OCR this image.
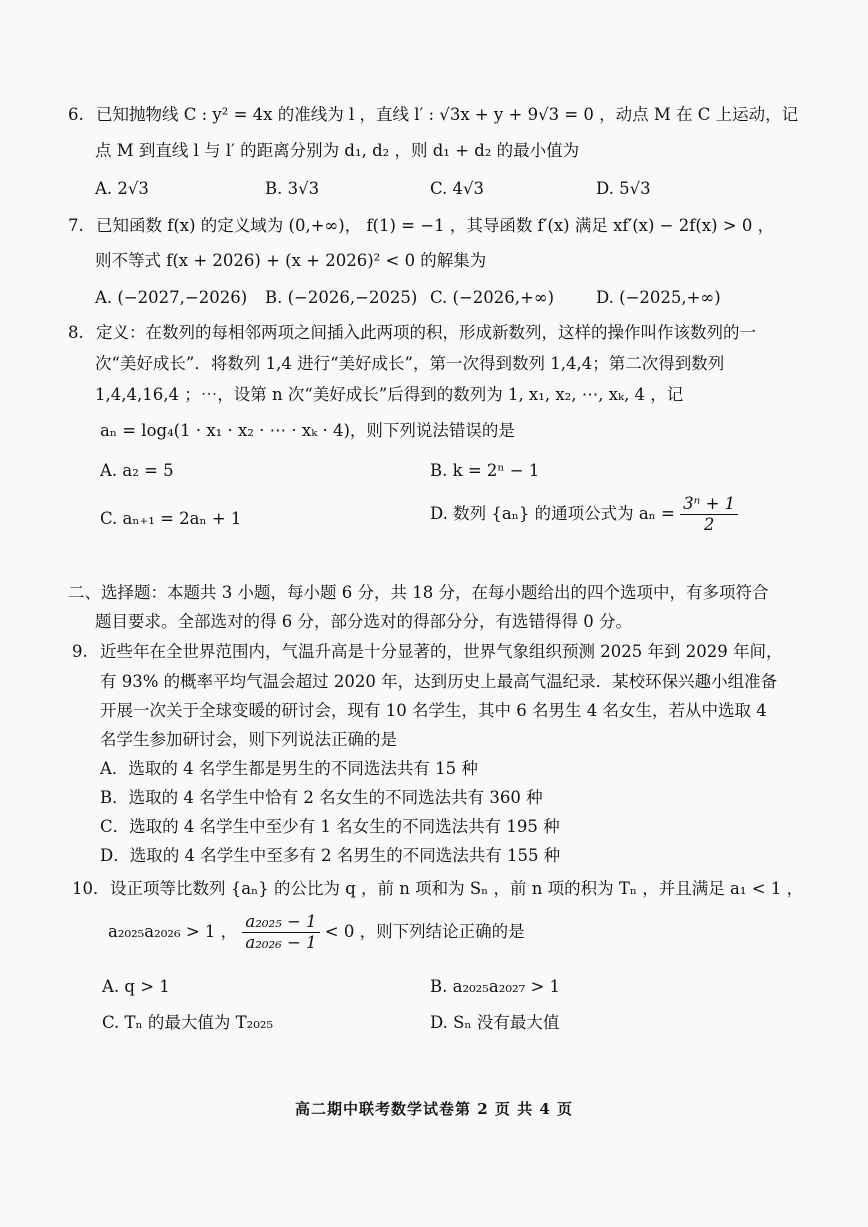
6. 已知抛物线 C : y² = 4x 的准线为 l ，直线 l′ : √3x + y + 9√3 = 0 ，动点 M 在 C 上运动，记
点 M 到直线 l 与 l′ 的距离分别为 d₁, d₂ ，则 d₁ + d₂ 的最小值为
A. 2√3	B. 3√3	C. 4√3	D. 5√3
7. 已知函数 f(x) 的定义域为 (0,+∞)， f(1) = −1 ，其导函数 f′(x) 满足 xf′(x) − 2f(x) > 0 ，
则不等式 f(x + 2026) + (x + 2026)² < 0 的解集为
A. (−2027,−2026) B. (−2026,−2025) C. (−2026,+∞)	D. (−2025,+∞)
8. 定义：在数列的每相邻两项之间插入此两项的积，形成新数列，这样的操作叫作该数列的一
次“美好成长”．将数列 1,4 进行“美好成长”，第一次得到数列 1,4,4；第二次得到数列
1,4,4,16,4 ；⋯，设第 n 次“美好成长”后得到的数列为 1, x₁, x₂, ⋯, xₖ, 4 ，记
aₙ = log₄(1 · x₁ · x₂ · ⋯ · xₖ · 4)，则下列说法错误的是
A. a₂ = 5	B. k = 2ⁿ − 1
C. aₙ₊₁ = 2aₙ + 1	D. 数列 {aₙ} 的通项公式为 $a_n = \frac{\text{3ⁿ + 1}}{2}$
二、选择题：本题共 3 小题，每小题 6 分，共 18 分，在每小题给出的四个选项中，有多项符合
题目要求。全部选对的得 6 分，部分选对的得部分分，有选错得得 0 分。
9. 近些年在全世界范围内，气温升高是十分显著的，世界气象组织预测 2025 年到 2029 年间，
有 93% 的概率平均气温会超过 2020 年，达到历史上最高气温纪录．某校环保兴趣小组准备
开展一次关于全球变暖的研讨会，现有 10 名学生，其中 6 名男生 4 名女生，若从中选取 4
名学生参加研讨会，则下列说法正确的是
A．选取的 4 名学生都是男生的不同选法共有 15 种
B．选取的 4 名学生中恰有 2 名女生的不同选法共有 360 种
C．选取的 4 名学生中至少有 1 名女生的不同选法共有 195 种
D．选取的 4 名学生中至多有 2 名男生的不同选法共有 155 种
10．设正项等比数列 {aₙ} 的公比为 q ，前 n 项和为 Sₙ ，前 n 项的积为 Tₙ ，并且满足 a₁ < 1 ，
a₂₀₂₅a₂₀₂₆ > 1 ， $\frac{\text{a₂₀₂₅ − 1}}{\text{a₂₀₂₆ − 1}} < 0$ ，则下列结论正确的是
A. q > 1	B. a₂₀₂₅a₂₀₂₇ > 1
C. Tₙ 的最大值为 T₂₀₂₅	D. Sₙ 没有最大值
高二期中联考数学试卷第 2 页 共 4 页
